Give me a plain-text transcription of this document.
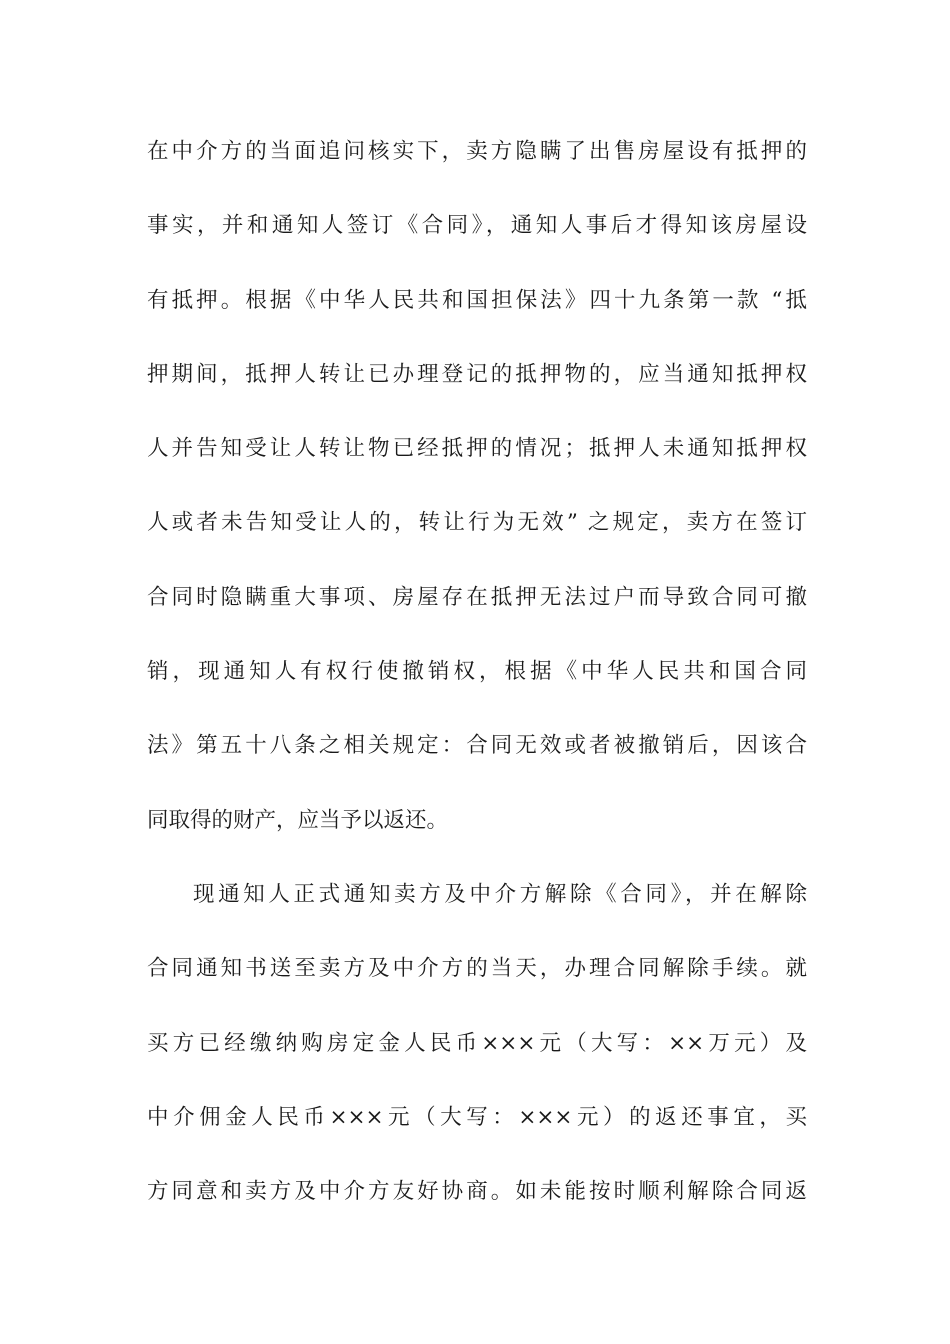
在中介方的当面追问核实下，卖方隐瞒了出售房屋设有抵押的
事实，并和通知人签订《合同》，通知人事后才得知该房屋设
有抵押。根据《中华人民共和国担保法》四十九条第一款 “抵
押期间，抵押人转让已办理登记的抵押物的，应当通知抵押权
人并告知受让人转让物已经抵押的情况；抵押人未通知抵押权
人或者未告知受让人的，转让行为无效” 之规定，卖方在签订
合同时隐瞒重大事项、房屋存在抵押无法过户而导致合同可撤
销，现通知人有权行使撤销权，根据《中华人民共和国合同
法》第五十八条之相关规定：合同无效或者被撤销后，因该合
同取得的财产，应当予以返还。
现通知人正式通知卖方及中介方解除《合同》，并在解除
合同通知书送至卖方及中介方的当天，办理合同解除手续。就
买方已经缴纳购房定金人民币×××元（大写：××万元）及
中介佣金人民币×××元（大写：×××元）的返还事宜，买
方同意和卖方及中介方友好协商。如未能按时顺利解除合同返
